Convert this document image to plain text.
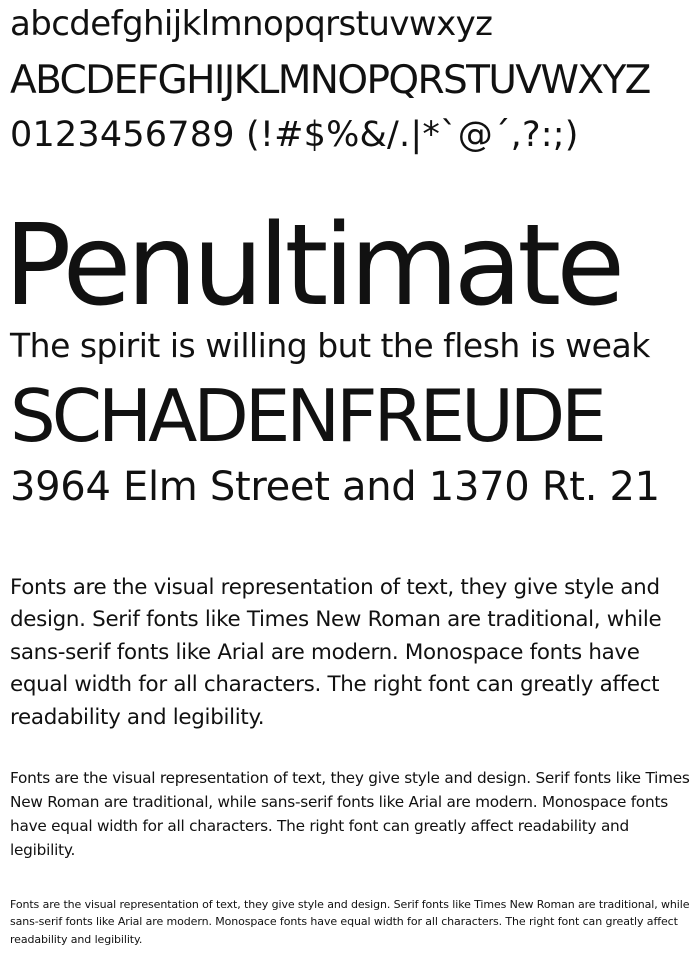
abcdefghijklmnopqrstuvwxyz
ABCDEFGHIJKLMNOPQRSTUVWXYZ
0123456789 (!#$%&/.|*`@´,?:;)
Penultimate
The spirit is willing but the flesh is weak
SCHADENFREUDE
3964 Elm Street and 1370 Rt. 21

Fonts are the visual representation of text, they give style and design. Serif fonts like Times New Roman are traditional, while sans-serif fonts like Arial are modern. Monospace fonts have equal width for all characters. The right font can greatly affect readability and legibility.

Fonts are the visual representation of text, they give style and design. Serif fonts like Times New Roman are traditional, while sans-serif fonts like Arial are modern. Monospace fonts have equal width for all characters. The right font can greatly affect readability and legibility.

Fonts are the visual representation of text, they give style and design. Serif fonts like Times New Roman are traditional, while sans-serif fonts like Arial are modern. Monospace fonts have equal width for all characters. The right font can greatly affect readability and legibility.
